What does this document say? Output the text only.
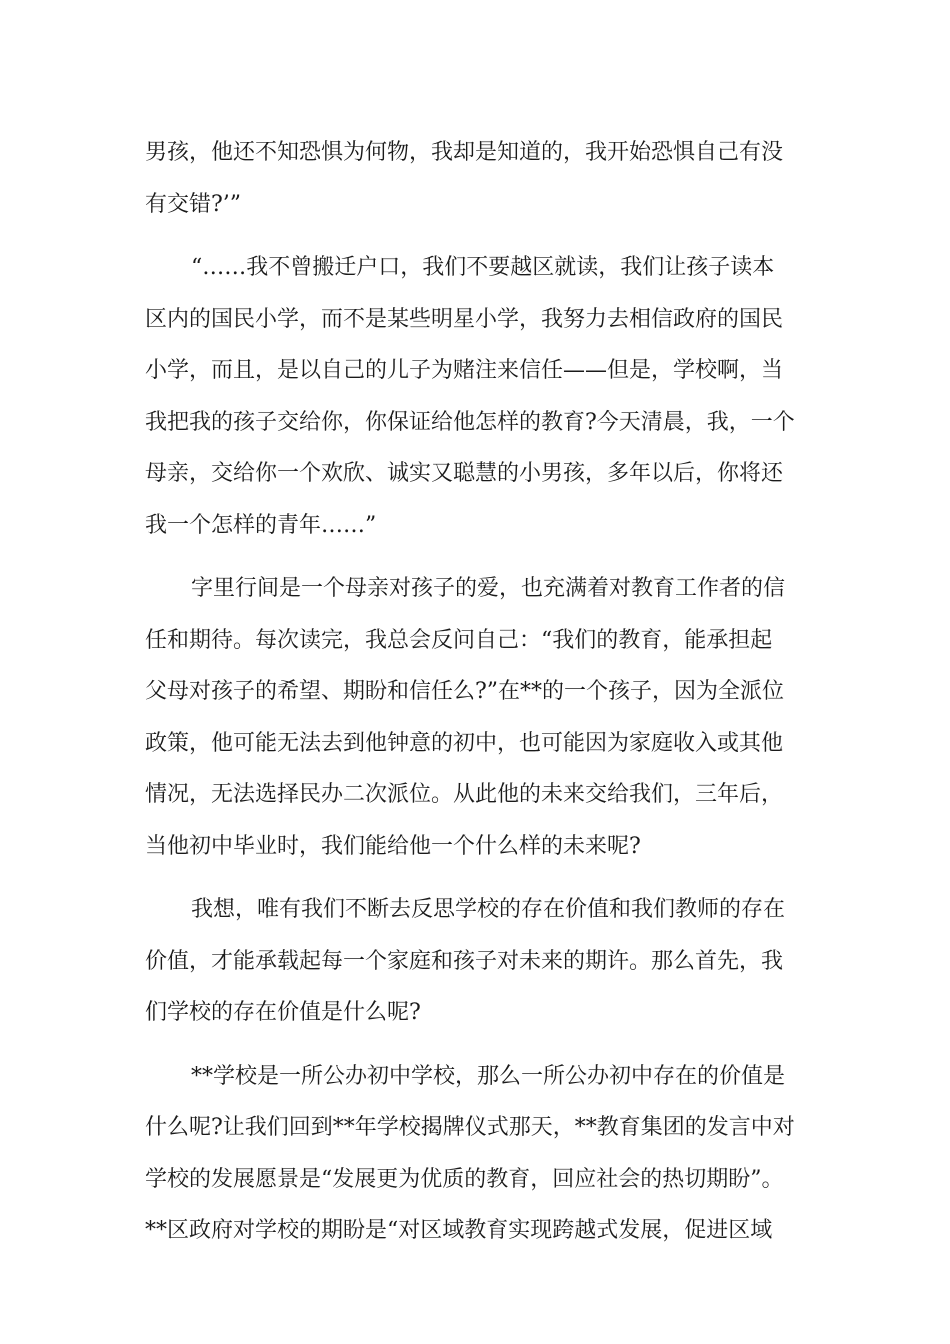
男孩，他还不知恐惧为何物，我却是知道的，我开始恐惧自己有没
有交错?’”

“……我不曾搬迁户口，我们不要越区就读，我们让孩子读本
区内的国民小学，而不是某些明星小学，我努力去相信政府的国民
小学，而且，是以自己的儿子为赌注来信任——但是，学校啊，当
我把我的孩子交给你，你保证给他怎样的教育?今天清晨，我，一个
母亲，交给你一个欢欣、诚实又聪慧的小男孩，多年以后，你将还
我一个怎样的青年……”

字里行间是一个母亲对孩子的爱，也充满着对教育工作者的信
任和期待。每次读完，我总会反问自己：“我们的教育，能承担起
父母对孩子的希望、期盼和信任么?”在**的一个孩子，因为全派位
政策，他可能无法去到他钟意的初中，也可能因为家庭收入或其他
情况，无法选择民办二次派位。从此他的未来交给我们，三年后，
当他初中毕业时，我们能给他一个什么样的未来呢?

我想，唯有我们不断去反思学校的存在价值和我们教师的存在
价值，才能承载起每一个家庭和孩子对未来的期许。那么首先，我
们学校的存在价值是什么呢?

**学校是一所公办初中学校，那么一所公办初中存在的价值是
什么呢?让我们回到**年学校揭牌仪式那天，**教育集团的发言中对
学校的发展愿景是“发展更为优质的教育，回应社会的热切期盼”。
**区政府对学校的期盼是“对区域教育实现跨越式发展，促进区域
